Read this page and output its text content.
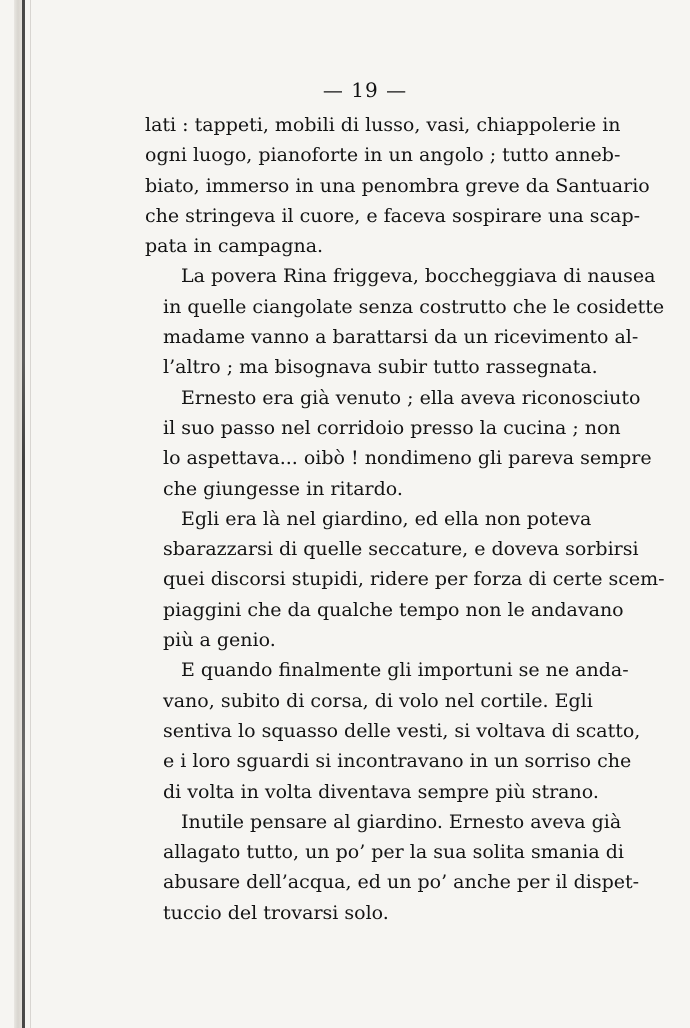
— 19 —
lati : tappeti, mobili di lusso, vasi, chiappolerie in
ogni luogo, pianoforte in un angolo ; tutto anneb-
biato, immerso in una penombra greve da Santuario
che stringeva il cuore, e faceva sospirare una scap-
pata in campagna.
La povera Rina friggeva, boccheggiava di nausea
in quelle ciangolate senza costrutto che le cosidette
madame vanno a barattarsi da un ricevimento al-
l’altro ; ma bisognava subir tutto rassegnata.
Ernesto era già venuto ; ella aveva riconosciuto
il suo passo nel corridoio presso la cucina ; non
lo aspettava... oibò ! nondimeno gli pareva sempre
che giungesse in ritardo.
Egli era là nel giardino, ed ella non poteva
sbarazzarsi di quelle seccature, e doveva sorbirsi
quei discorsi stupidi, ridere per forza di certe scem-
piaggini che da qualche tempo non le andavano
più a genio.
E quando finalmente gli importuni se ne anda-
vano, subito di corsa, di volo nel cortile. Egli
sentiva lo squasso delle vesti, si voltava di scatto,
e i loro sguardi si incontravano in un sorriso che
di volta in volta diventava sempre più strano.
Inutile pensare al giardino. Ernesto aveva già
allagato tutto, un po’ per la sua solita smania di
abusare dell’acqua, ed un po’ anche per il dispet-
tuccio del trovarsi solo.
